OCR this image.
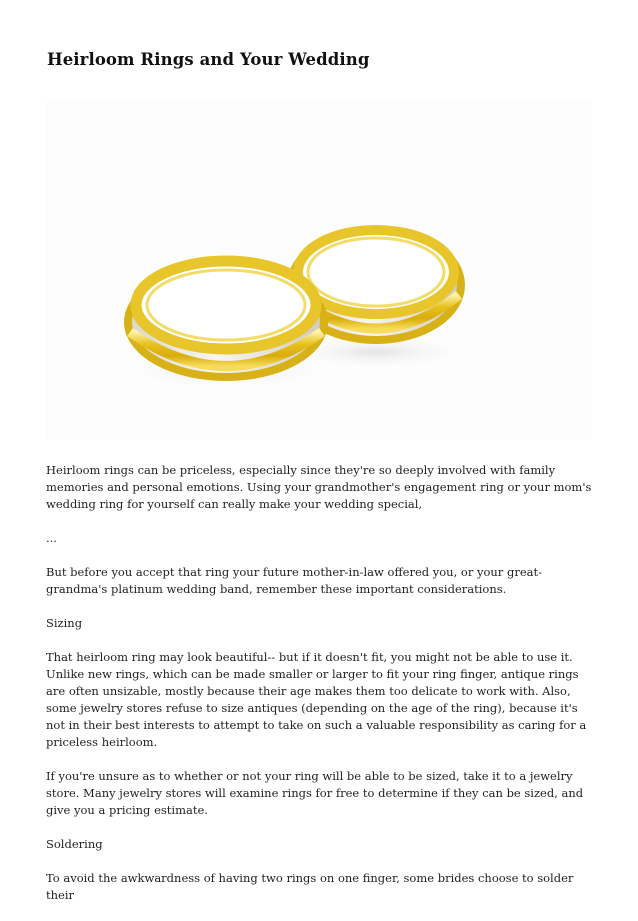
Heirloom Rings and Your Wedding

Heirloom rings can be priceless, especially since they're so deeply involved with family memories and personal emotions. Using your grandmother's engagement ring or your mom's wedding ring for yourself can really make your wedding special,

...

But before you accept that ring your future mother-in-law offered you, or your great-grandma's platinum wedding band, remember these important considerations.

Sizing

That heirloom ring may look beautiful-- but if it doesn't fit, you might not be able to use it. Unlike new rings, which can be made smaller or larger to fit your ring finger, antique rings are often unsizable, mostly because their age makes them too delicate to work with. Also, some jewelry stores refuse to size antiques (depending on the age of the ring), because it's not in their best interests to attempt to take on such a valuable responsibility as caring for a priceless heirloom.

If you're unsure as to whether or not your ring will be able to be sized, take it to a jewelry store. Many jewelry stores will examine rings for free to determine if they can be sized, and give you a pricing estimate.

Soldering

To avoid the awkwardness of having two rings on one finger, some brides choose to solder their
